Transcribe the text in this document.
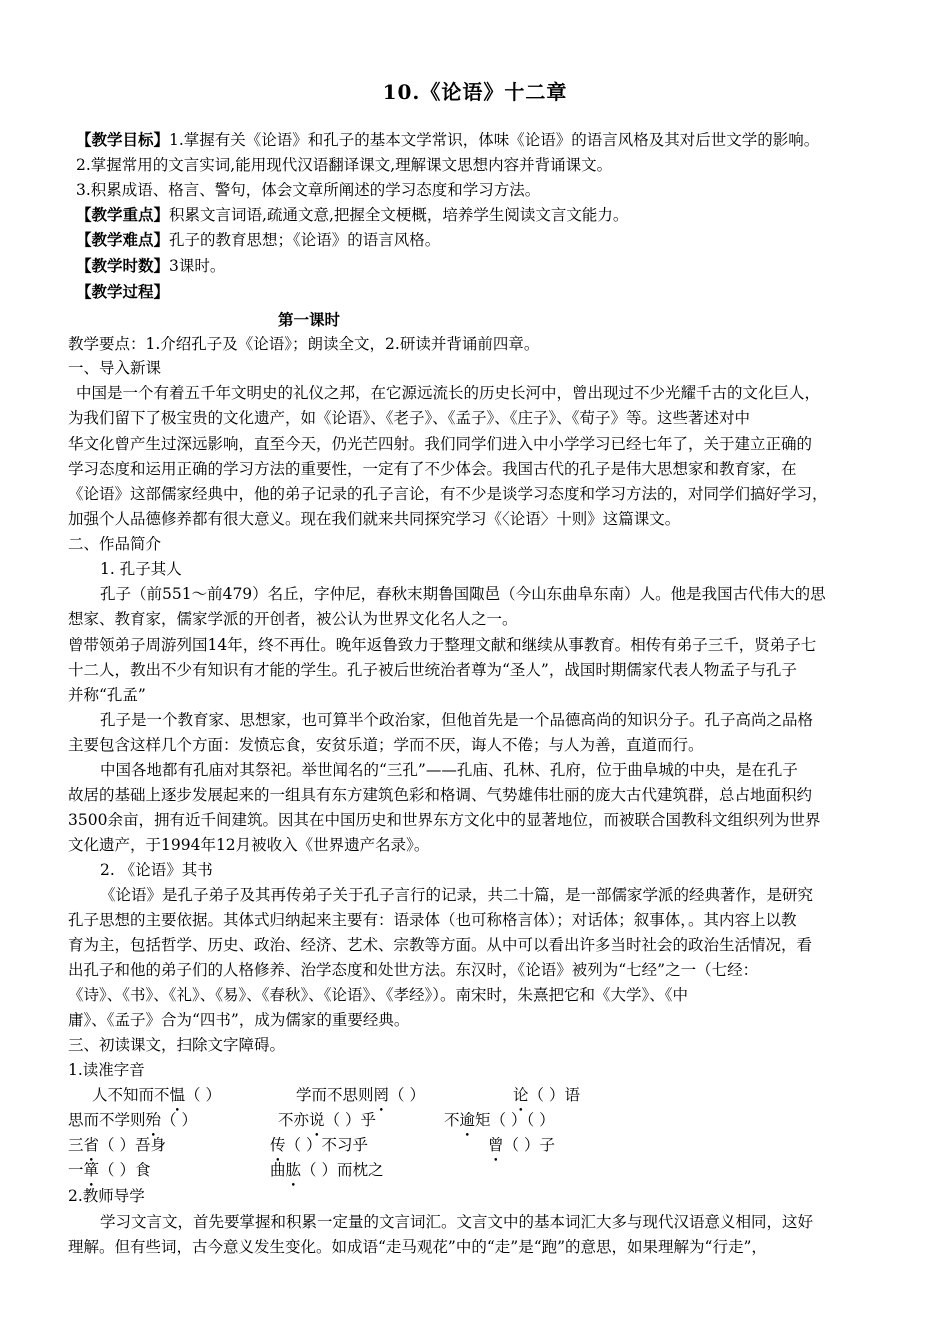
10.《论语》十二章
【教学目标】1.掌握有关《论语》和孔子的基本文学常识，体味《论语》的语言风格及其对后世文学的影响。
2.掌握常用的文言实词,能用现代汉语翻译课文,理解课文思想内容并背诵课文。
3.积累成语、格言、警句，体会文章所阐述的学习态度和学习方法。
【教学重点】积累文言词语,疏通文意,把握全文梗概，培养学生阅读文言文能力。
【教学难点】孔子的教育思想；《论语》的语言风格。
【教学时数】3课时。
【教学过程】
第一课时
教学要点：1.介绍孔子及《论语》；朗读全文，2.研读并背诵前四章。
一、导入新课
中国是一个有着五千年文明史的礼仪之邦，在它源远流长的历史长河中，曾出现过不少光耀千古的文化巨人，
为我们留下了极宝贵的文化遗产，如《论语》、《老子》、《孟子》、《庄子》、《荀子》等。这些著述对中
华文化曾产生过深远影响，直至今天，仍光芒四射。我们同学们进入中小学学习已经七年了，关于建立正确的
学习态度和运用正确的学习方法的重要性，一定有了不少体会。我国古代的孔子是伟大思想家和教育家，在
《论语》这部儒家经典中，他的弟子记录的孔子言论，有不少是谈学习态度和学习方法的，对同学们搞好学习，
加强个人品德修养都有很大意义。现在我们就来共同探究学习《〈论语〉十则》这篇课文。
二、作品简介
1. 孔子其人
孔子（前551～前479）名丘，字仲尼，春秋末期鲁国陬邑（今山东曲阜东南）人。他是我国古代伟大的思
想家、教育家，儒家学派的开创者，被公认为世界文化名人之一。
曾带领弟子周游列国14年，终不再仕。晚年返鲁致力于整理文献和继续从事教育。相传有弟子三千，贤弟子七
十二人，教出不少有知识有才能的学生。孔子被后世统治者尊为“圣人”，战国时期儒家代表人物孟子与孔子
并称“孔孟”
孔子是一个教育家、思想家，也可算半个政治家，但他首先是一个品德高尚的知识分子。孔子高尚之品格
主要包含这样几个方面：发愤忘食，安贫乐道；学而不厌，诲人不倦；与人为善，直道而行。
中国各地都有孔庙对其祭祀。举世闻名的“三孔”——孔庙、孔林、孔府，位于曲阜城的中央，是在孔子
故居的基础上逐步发展起来的一组具有东方建筑色彩和格调、气势雄伟壮丽的庞大古代建筑群，总占地面积约
3500余亩，拥有近千间建筑。因其在中国历史和世界东方文化中的显著地位，而被联合国教科文组织列为世界
文化遗产，于1994年12月被收入《世界遗产名录》。
2. 《论语》其书
《论语》是孔子弟子及其再传弟子关于孔子言行的记录，共二十篇，是一部儒家学派的经典著作，是研究
孔子思想的主要依据。其体式归纳起来主要有：语录体（也可称格言体）；对话体；叙事体，。其内容上以教
育为主，包括哲学、历史、政治、经济、艺术、宗教等方面。从中可以看出许多当时社会的政治生活情况，看
出孔子和他的弟子们的人格修养、治学态度和处世方法。东汉时，《论语》被列为“七经”之一（七经：
《诗》、《书》、《礼》、《易》、《春秋》、《论语》、《孝经》）。南宋时，朱熹把它和《大学》、《中
庸》、《孟子》合为“四书”，成为儒家的重要经典。
三、初读课文，扫除文字障碍。
1.读准字音
人不知而不愠（ ）	学而不思则罔（ ）	论（ ）语
思而不学则殆（ ）	不亦说（ ）乎	不逾矩（ ）（ ）
三省（ ）吾身	传（ ）不习乎	曾（ ）子
一箪（ ）食	曲肱（ ）而枕之
2.教师导学
学习文言文，首先要掌握和积累一定量的文言词汇。文言文中的基本词汇大多与现代汉语意义相同，这好
理解。但有些词，古今意义发生变化。如成语“走马观花”中的“走”是“跑”的意思，如果理解为“行走”，
